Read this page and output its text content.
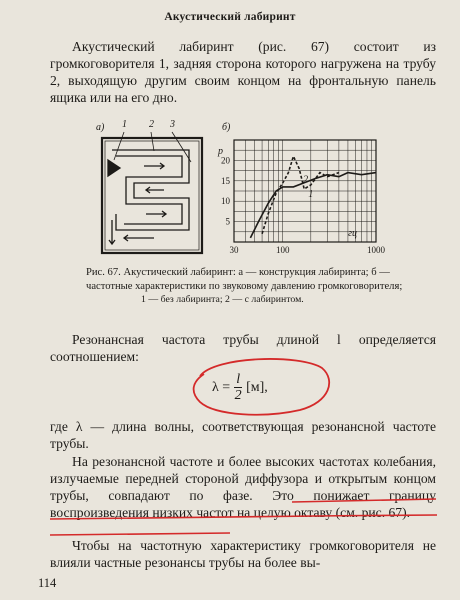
Акустический лабиринт
Акустический лабиринт (рис. 67) состоит из громкоговорителя 1, задняя сторона которого нагружена на трубу 2, выходящую другим своим концом на фронтальную панель ящика или на его дно.
а) 1 2 3	б)
p
30	100	1000
5
10
15
20
гц
1
2
Рис. 67. Акустический лабиринт: а — конструкция лабиринта; б — частотные характеристики по звуковому давлению громкоговорителя;
1 — без лабиринта; 2 — с лабиринтом.
Резонансная частота трубы длиной l определяется соотношением:
$\lambda = \frac{l}{2} [м]$,
где λ — длина волны, соответствующая резонансной частоте трубы.
На резонансной частоте и более высоких частотах колебания, излучаемые передней стороной диффузора и открытым концом трубы, совпадают по фазе. Это понижает границу воспроизведения низких частот на целую октаву (см. рис. 67).
Чтобы на частотную характеристику громкоговорителя не влияли частные резонансы трубы на более вы-
114
